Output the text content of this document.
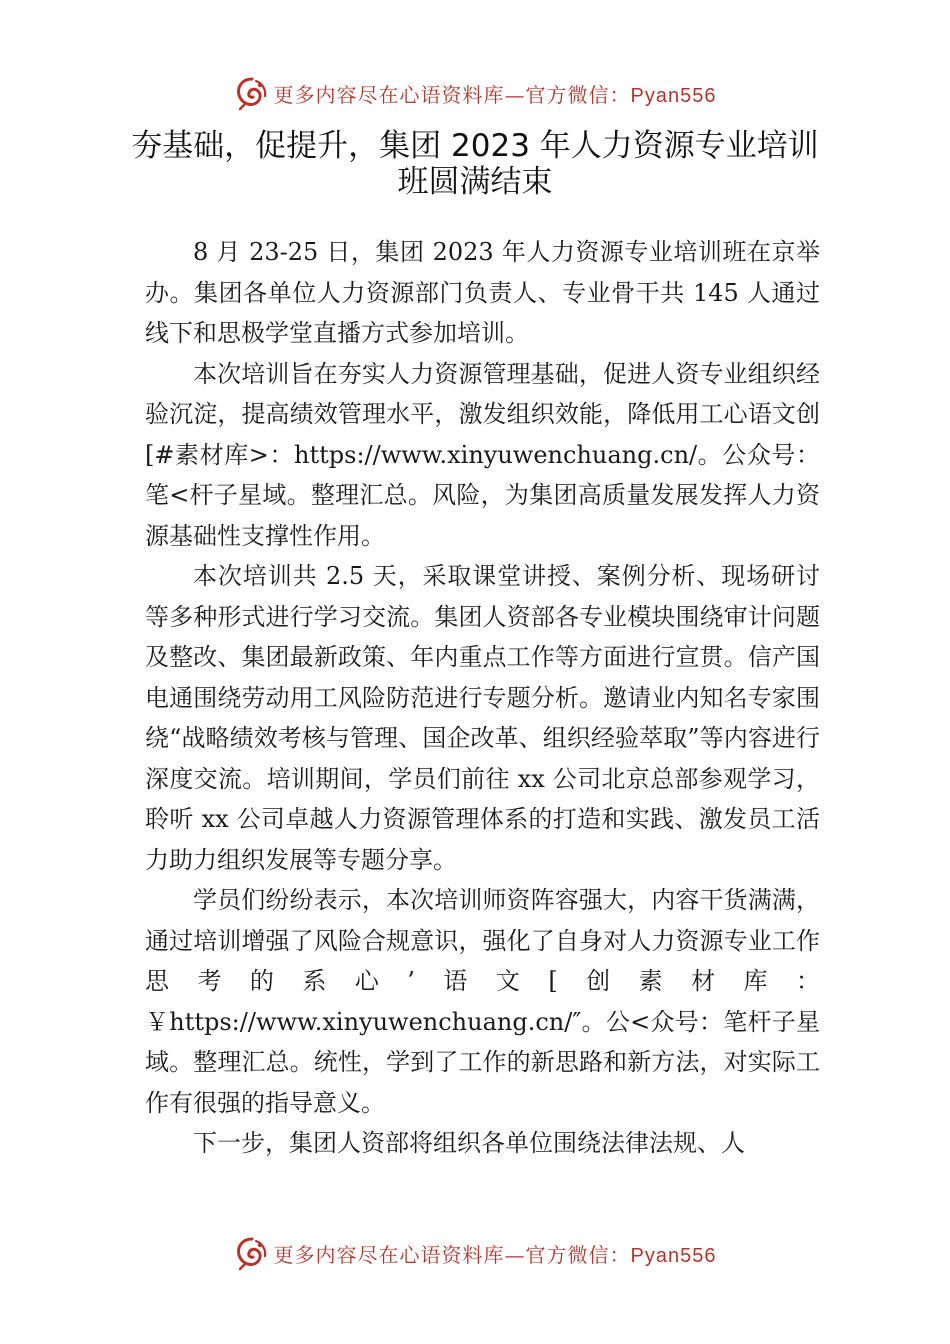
更多内容尽在心语资料库—官方微信：Pyan556
夯基础，促提升，集团 2023 年人力资源专业培训班圆满结束

8 月 23-25 日，集团 2023 年人力资源专业培训班在京举办。集团各单位人力资源部门负责人、专业骨干共 145 人通过线下和思极学堂直播方式参加培训。

本次培训旨在夯实人力资源管理基础，促进人资专业组织经验沉淀，提高绩效管理水平，激发组织效能，降低用工心语文创[#素材库>：https://www.xinyuwenchuang.cn/。公众号：笔<杆子星域。整理汇总。风险，为集团高质量发展发挥人力资源基础性支撑性作用。

本次培训共 2.5 天，采取课堂讲授、案例分析、现场研讨等多种形式进行学习交流。集团人资部各专业模块围绕审计问题及整改、集团最新政策、年内重点工作等方面进行宣贯。信产国电通围绕劳动用工风险防范进行专题分析。邀请业内知名专家围绕“战略绩效考核与管理、国企改革、组织经验萃取”等内容进行深度交流。培训期间，学员们前往 xx 公司北京总部参观学习，聆听 xx 公司卓越人力资源管理体系的打造和实践、激发员工活力助力组织发展等专题分享。

学员们纷纷表示，本次培训师资阵容强大，内容干货满满，通过培训增强了风险合规意识，强化了自身对人力资源专业工作思考的系心’语文[创素材库：￥https://www.xinyuwenchuang.cn/″。公<众号：笔杆子星域。整理汇总。统性，学到了工作的新思路和新方法，对实际工作有很强的指导意义。

下一步，集团人资部将组织各单位围绕法律法规、人

更多内容尽在心语资料库—官方微信：Pyan556
